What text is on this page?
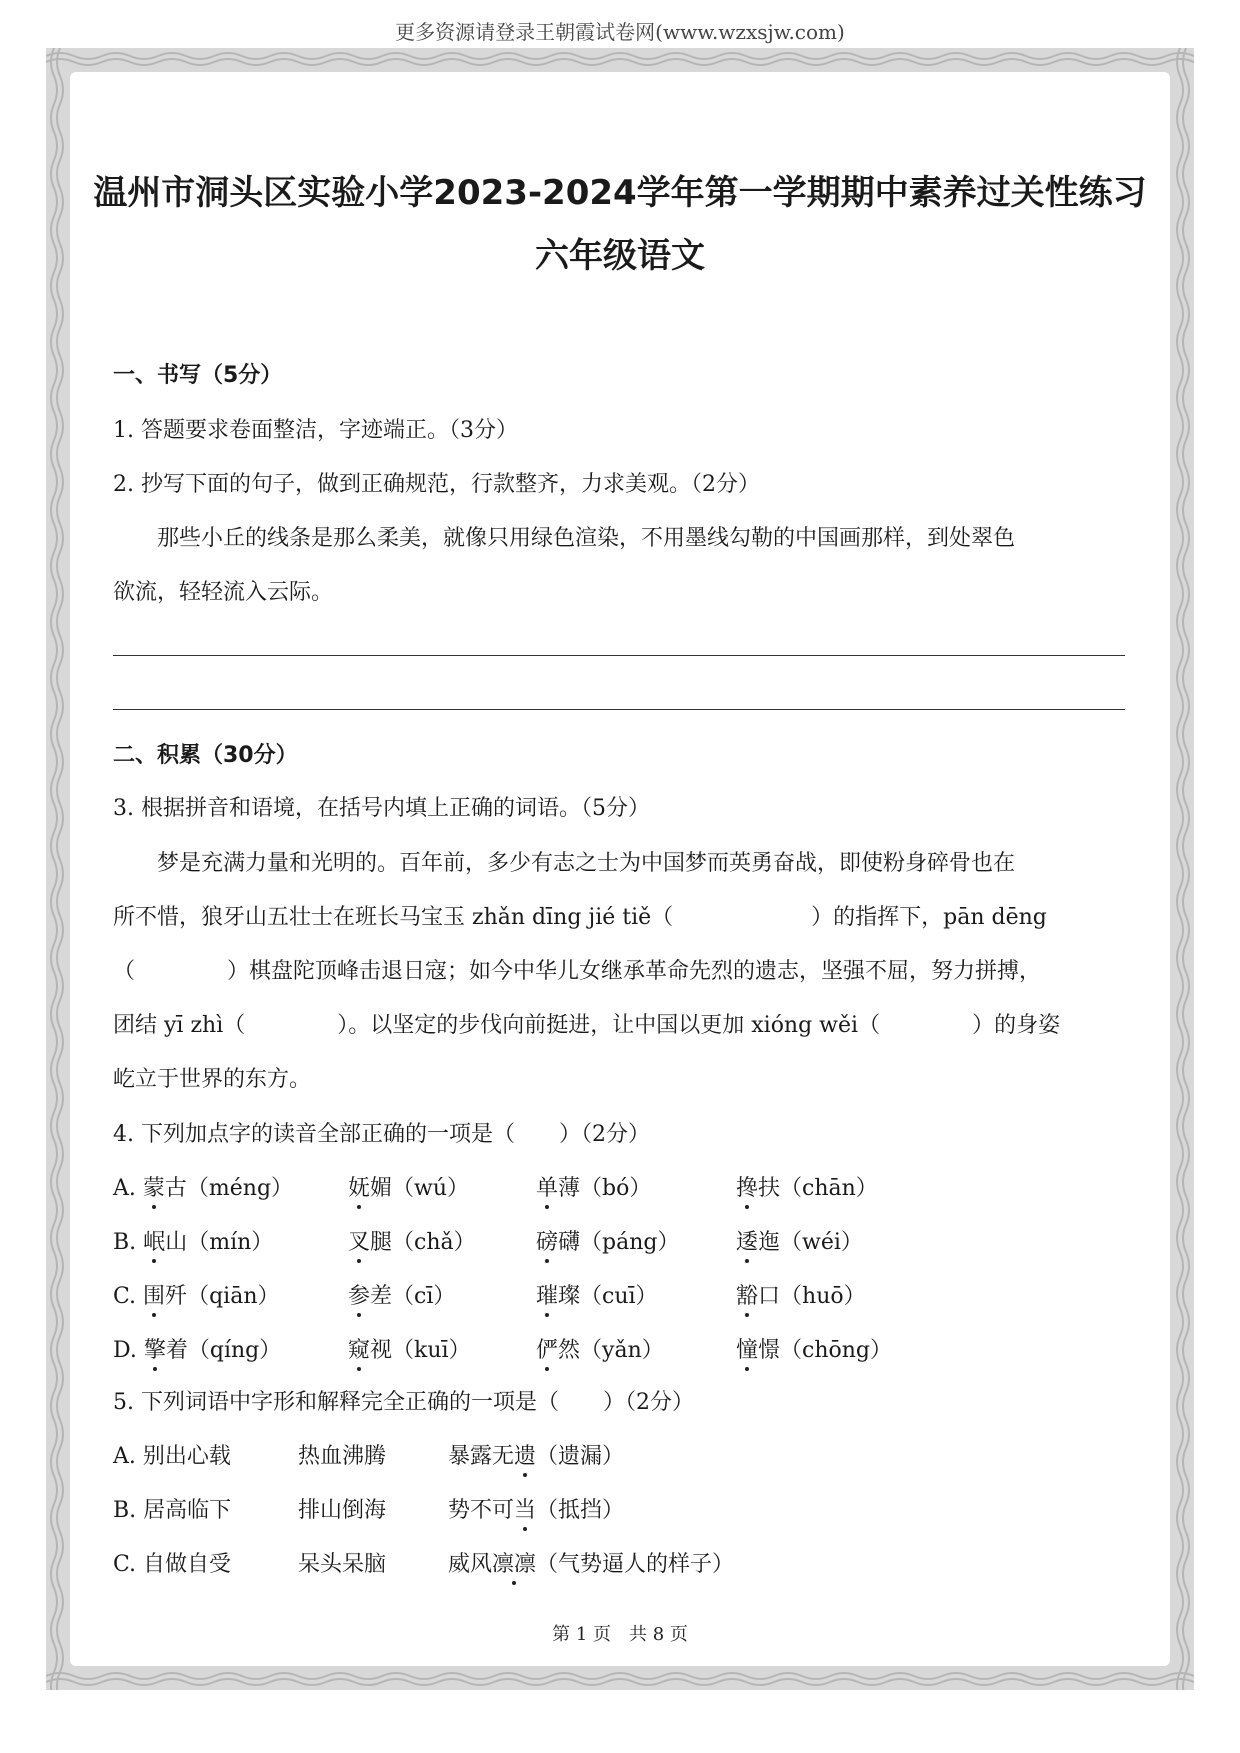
更多资源请登录王朝霞试卷网(www.wzxsjw.com)
温州市洞头区实验小学2023-2024学年第一学期期中素养过关性练习
六年级语文
一、书写（5分）
1. 答题要求卷面整洁，字迹端正。（3分）
2. 抄写下面的句子，做到正确规范，行款整齐，力求美观。（2分）
那些小丘的线条是那么柔美，就像只用绿色渲染，不用墨线勾勒的中国画那样，到处翠色
欲流，轻轻流入云际。
二、积累（30分）
3. 根据拼音和语境，在括号内填上正确的词语。（5分）
梦是充满力量和光明的。百年前，多少有志之士为中国梦而英勇奋战，即使粉身碎骨也在
所不惜，狼牙山五壮士在班长马宝玉 zhǎn dīng jié tiě（	）的指挥下，pān dēng
（	）棋盘陀顶峰击退日寇；如今中华儿女继承革命先烈的遗志，坚强不屈，努力拼搏，
团结 yī zhì（	）。以坚定的步伐向前挺进，让中国以更加 xióng wěi（	）的身姿
屹立于世界的东方。
4. 下列加点字的读音全部正确的一项是（　　）（2分）
A. 蒙古（méng） 妩媚（wú）	单薄（bó）	搀扶（chān）
B. 岷山（mín）	叉腿（chǎ）	磅礴（páng）	逶迤（wéi）
C. 围歼（qiān）	参差（cī）	璀璨（cuī）	豁口（huō）
D. 擎着（qíng）	窥视（kuī）	俨然（yǎn）	憧憬（chōng）
5. 下列词语中字形和解释完全正确的一项是（　　）（2分）
A. 别出心载	热血沸腾	暴露无遗（遗漏）
B. 居高临下	排山倒海	势不可当（抵挡）
C. 自做自受	呆头呆脑	威风凛凛（气势逼人的样子）
第 1 页　共 8 页
